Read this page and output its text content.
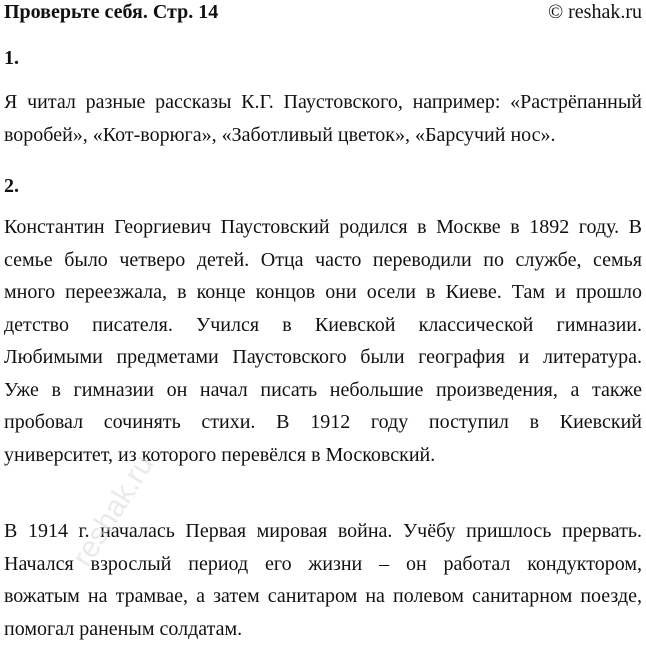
Проверьте себя. Стр. 14	© reshak.ru
1.
Я читал разные рассказы К.Г. Паустовского, например: «Растрёпанный
воробей», «Кот-ворюга», «Заботливый цветок», «Барсучий нос».
2.
Константин Георгиевич Паустовский родился в Москве в 1892 году. В
семье было четверо детей. Отца часто переводили по службе, семья
много переезжала, в конце концов они осели в Киеве. Там и прошло
детство писателя. Учился в Киевской классической гимназии.
Любимыми предметами Паустовского были география и литература.
Уже в гимназии он начал писать небольшие произведения, а также
пробовал сочинять стихи. В 1912 году поступил в Киевский
университет, из которого перевёлся в Московский.
В 1914 г. началась Первая мировая война. Учёбу пришлось прервать.
Начался взрослый период его жизни – он работал кондуктором,
вожатым на трамвае, а затем санитаром на полевом санитарном поезде,
помогал раненым солдатам.
reshak.ru
